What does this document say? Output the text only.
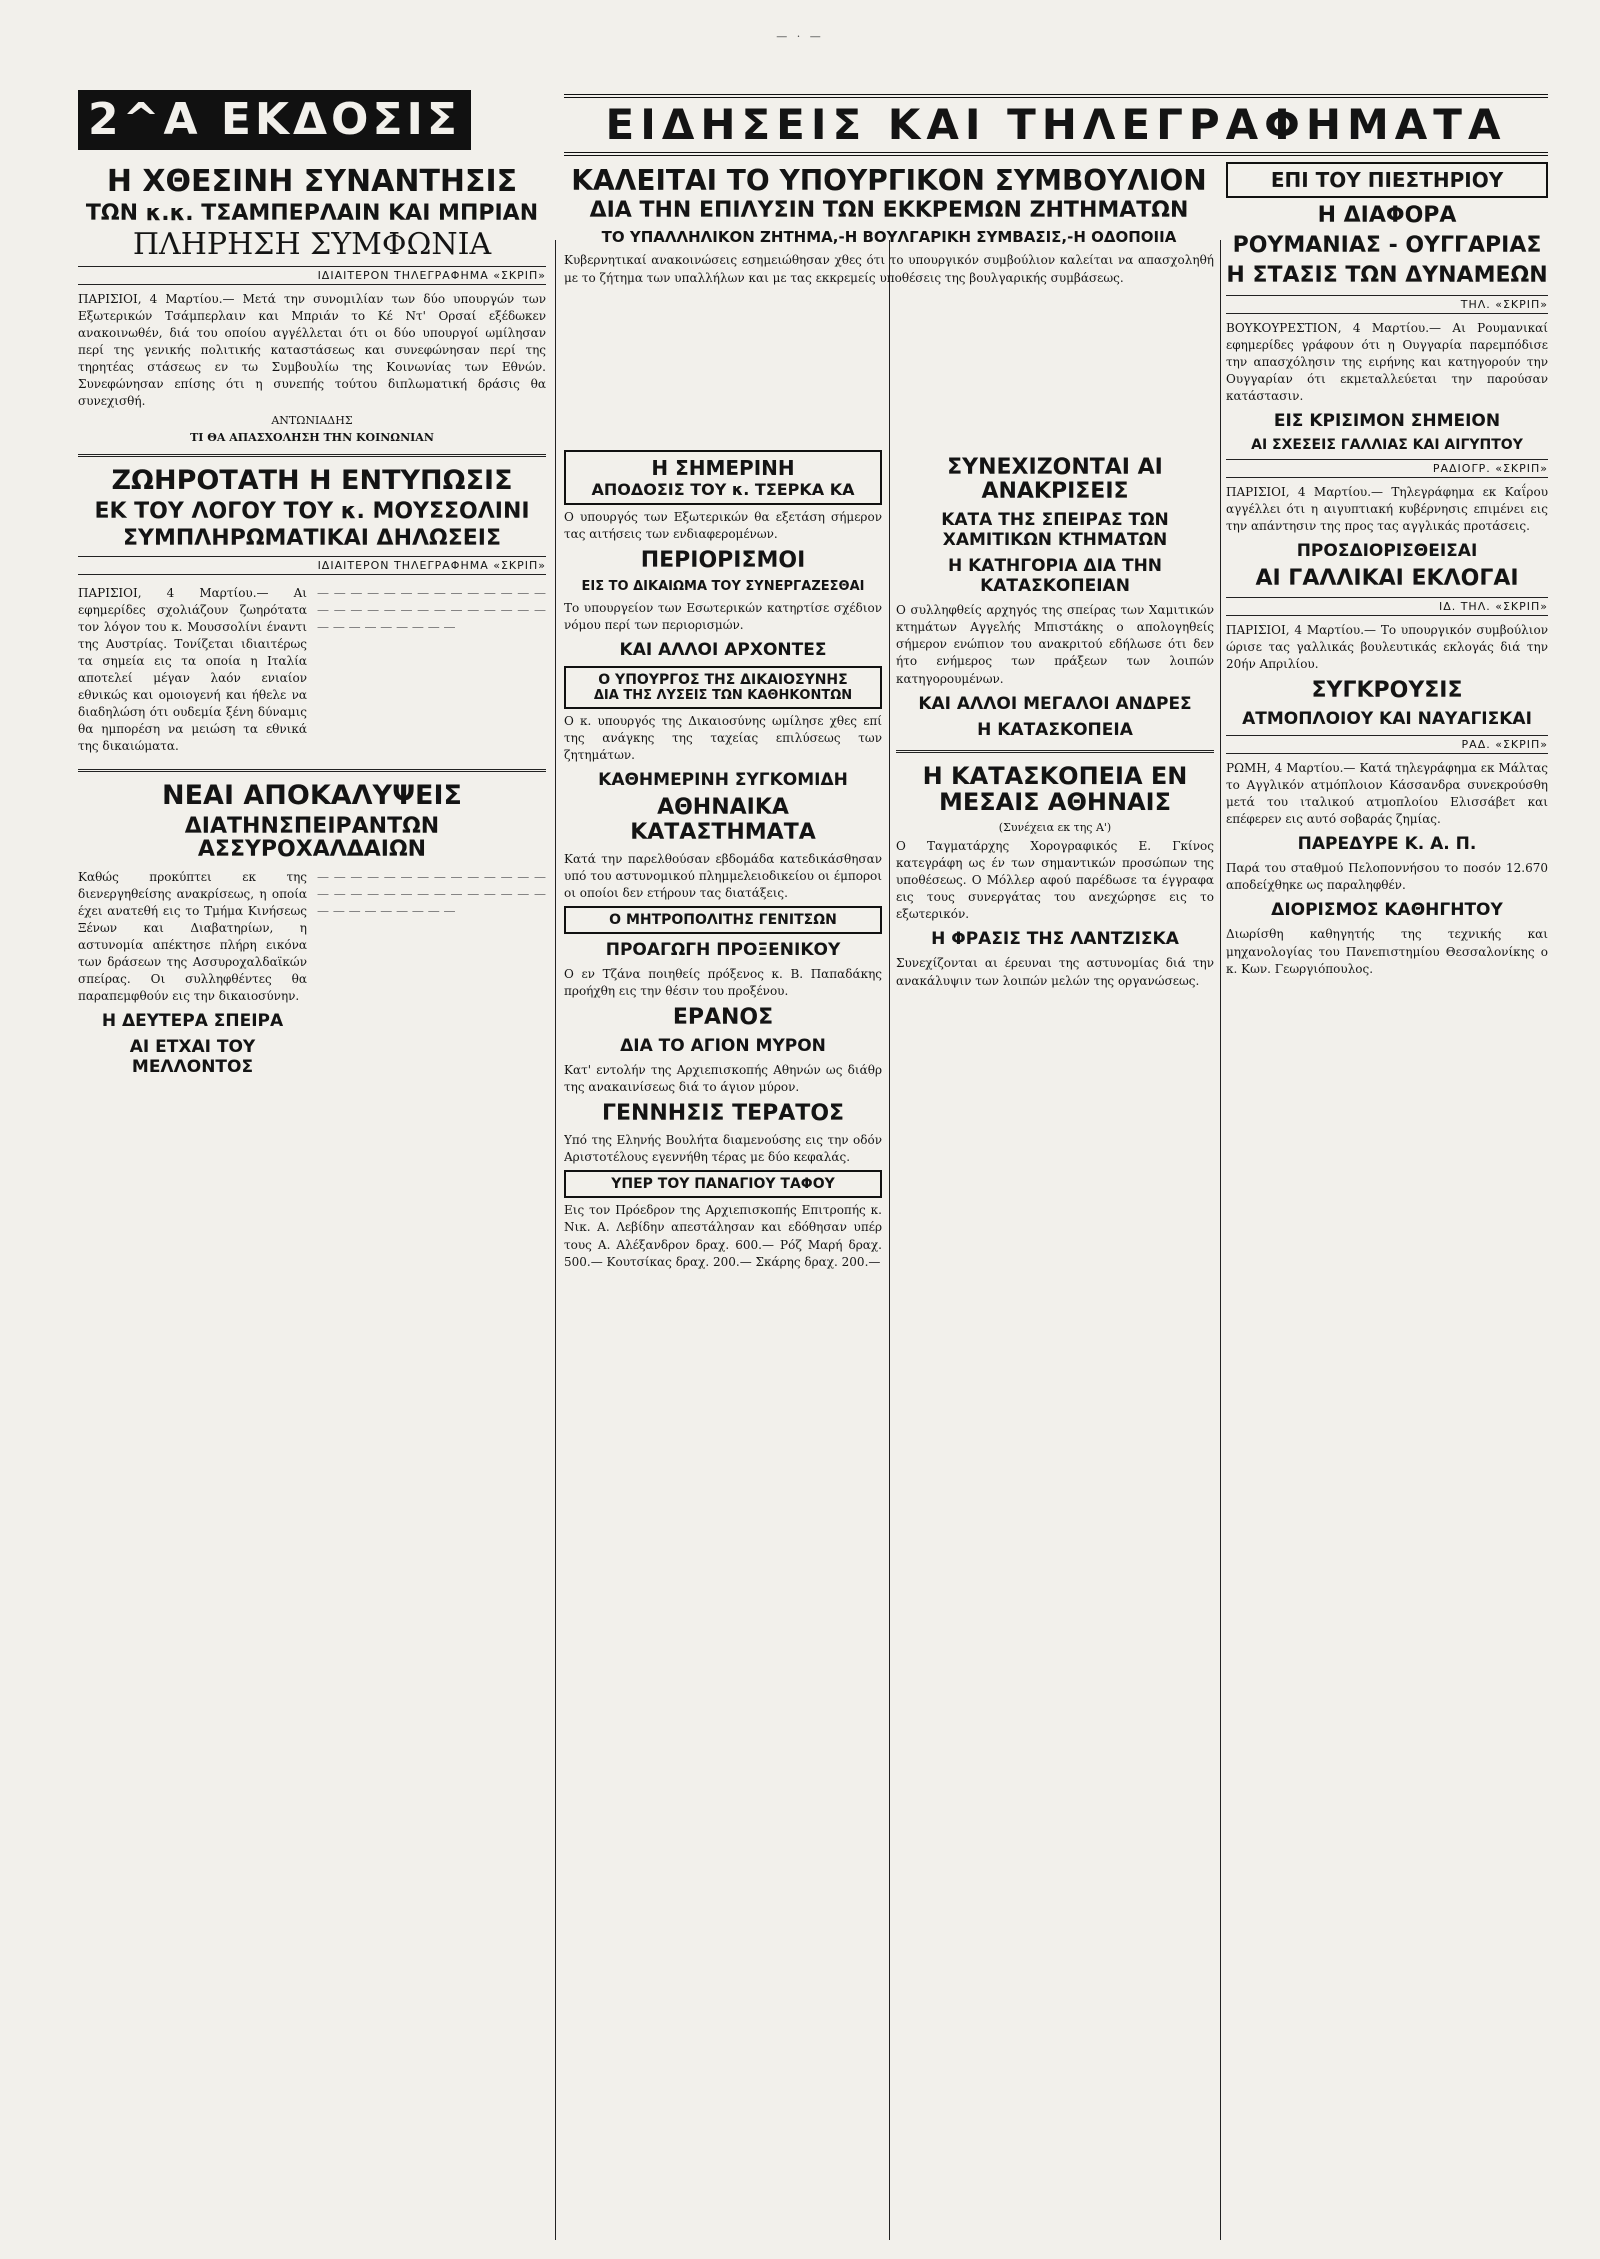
— · —
2^Α ΕΚΔΟΣΙΣ	ΕΙΔΗΣΕΙΣ ΚΑΙ ΤΗΛΕΓΡΑΦΗΜΑΤΑ
Η ΧΘΕΣΙΝΗ ΣΥΝΑΝΤΗΣΙΣ
ΤΩΝ κ.κ. ΤΣΑΜΠΕΡΛΑΙΝ ΚΑΙ ΜΠΡΙΑΝ
ΠΛΗΡΗΣΗ ΣΥΜΦΩΝΙΑ
ΙΔΙΑΙΤΕΡΟΝ ΤΗΛΕΓΡΑΦΗΜΑ «ΣΚΡΙΠ»
ΠΑΡΙΣΙΟΙ, 4 Μαρτίου.— Μετά την συνομιλίαν των δύο υπουργών των Εξωτερικών Τσάμπερλαιν και Μπριάν το Κέ Ντ' Ορσαί εξέδωκεν ανακοινωθέν, διά του οποίου αγγέλλεται ότι οι δύο υπουργοί ωμίλησαν περί της γενικής πολιτικής καταστάσεως και συνεφώνησαν περί της τηρητέας στάσεως εν τω Συμβουλίω της Κοινωνίας των Εθνών. Συνεφώνησαν επίσης ότι η συνεπής τούτου διπλωματική δράσις θα συνεχισθή.
ΑΝΤΩΝΙΑΔΗΣ
ΤΙ ΘΑ ΑΠΑΣΧΟΛΗΣΗ ΤΗΝ ΚΟΙΝΩΝΙΑΝ
ΖΩΗΡΟΤΑΤΗ Η ΕΝΤΥΠΩΣΙΣ
ΕΚ ΤΟΥ ΛΟΓΟΥ ΤΟΥ κ. ΜΟΥΣΣΟΛΙΝΙ
ΣΥΜΠΛΗΡΩΜΑΤΙΚΑΙ ΔΗΛΩΣΕΙΣ
ΙΔΙΑΙΤΕΡΟΝ ΤΗΛΕΓΡΑΦΗΜΑ «ΣΚΡΙΠ»
ΠΑΡΙΣΙΟΙ, 4 Μαρτίου.— Αι εφημερίδες σχολιάζουν ζωηρότατα τον λόγον του κ. Μουσσολίνι έναντι της Αυστρίας. Τονίζεται ιδιαιτέρως τα σημεία εις τα οποία η Ιταλία αποτελεί μέγαν λαόν ενιαίον εθνικώς και ομοιογενή και ήθελε να διαδηλώση ότι ουδεμία ξένη δύναμις θα ημπορέση να μειώση τα εθνικά της δικαιώματα.
— — — — — — — — — — — — — — — — — — — — — — — — — — — — — — — — — — — — —
ΝΕΑΙ ΑΠΟΚΑΛΥΨΕΙΣ
ΔΙΑΤΗΝΣΠΕΙΡΑΝΤΩΝ ΑΣΣΥΡΟΧΑΛΔΑΙΩΝ
Καθώς προκύπτει εκ της διενεργηθείσης ανακρίσεως, η οποία έχει ανατεθή εις το Τμήμα Κινήσεως Ξένων και Διαβατηρίων, η αστυνομία απέκτησε πλήρη εικόνα των δράσεων της Ασσυροχαλδαϊκών σπείρας. Οι συλληφθέντες θα παραπεμφθούν εις την δικαιοσύνην.
Η ΔΕΥΤΕΡΑ ΣΠΕΙΡΑ
ΑΙ ΕΤΧΑΙ ΤΟΥ ΜΕΛΛΟΝΤΟΣ
— — — — — — — — — — — — — — — — — — — — — — — — — — — — — — — — — — — — —
ΚΑΛΕΙΤΑΙ ΤΟ ΥΠΟΥΡΓΙΚΟΝ ΣΥΜΒΟΥΛΙΟΝ
ΔΙΑ ΤΗΝ ΕΠΙΛΥΣΙΝ ΤΩΝ ΕΚΚΡΕΜΩΝ ΖΗΤΗΜΑΤΩΝ
ΤΟ ΥΠΑΛΛΗΛΙΚΟΝ ΖΗΤΗΜΑ,-Η ΒΟΥΛΓΑΡΙΚΗ ΣΥΜΒΑΣΙΣ,-Η ΟΔΟΠΟΙΙΑ
Κυβερνητικαί ανακοινώσεις εσημειώθησαν χθες ότι το υπουργικόν συμβούλιον καλείται να απασχοληθή με το ζήτημα των υπαλλήλων και με τας εκκρεμείς υποθέσεις της βουλγαρικής συμβάσεως.
Η ΣΗΜΕΡΙΝΗ
ΑΠΟΔΟΣΙΣ ΤΟΥ κ. ΤΣΕΡΚΑ ΚΑ
Ο υπουργός των Εξωτερικών θα εξετάση σήμερον τας αιτήσεις των ενδιαφερομένων.
ΠΕΡΙΟΡΙΣΜΟΙ
ΕΙΣ ΤΟ ΔΙΚΑΙΩΜΑ ΤΟΥ ΣΥΝΕΡΓΑΖΕΣΘΑΙ
Το υπουργείον των Εσωτερικών κατηρτίσε σχέδιον νόμου περί των περιορισμών.
ΚΑΙ ΑΛΛΟΙ ΑΡΧΟΝΤΕΣ
Ο ΥΠΟΥΡΓΟΣ ΤΗΣ ΔΙΚΑΙΟΣΥΝΗΣ
ΔΙΑ ΤΗΣ ΛΥΣΕΙΣ ΤΩΝ ΚΑΘΗΚΟΝΤΩΝ
Ο κ. υπουργός της Δικαιοσύνης ωμίλησε χθες επί της ανάγκης της ταχείας επιλύσεως των ζητημάτων.
ΚΑΘΗΜΕΡΙΝΗ ΣΥΓΚΟΜΙΔΗ
ΑΘΗΝΑΙΚΑ ΚΑΤΑΣΤΗΜΑΤΑ
Κατά την παρελθούσαν εβδομάδα κατεδικάσθησαν υπό του αστυνομικού πλημμελειοδικείου οι έμποροι οι οποίοι δεν ετήρουν τας διατάξεις.
Ο ΜΗΤΡΟΠΟΛΙΤΗΣ ΓΕΝΙΤΣΩΝ
ΠΡΟΑΓΩΓΗ ΠΡΟΞΕΝΙΚΟΥ
Ο εν Τζάνα ποιηθείς πρόξενος κ. Β. Παπαδάκης προήχθη εις την θέσιν του προξένου.
ΕΡΑΝΟΣ
ΔΙΑ ΤΟ ΑΓΙΟΝ ΜΥΡΟΝ
Κατ' εντολήν της Αρχιεπισκοπής Αθηνών ως διάθρ της ανακαινίσεως διά το άγιον μύρον.
ΓΕΝΝΗΣΙΣ ΤΕΡΑΤΟΣ
Υπό της Εληνής Βουλήτα διαμενούσης εις την οδόν Αριστοτέλους εγεννήθη τέρας με δύο κεφαλάς.
ΥΠΕΡ ΤΟΥ ΠΑΝΑΓΙΟΥ ΤΑΦΟΥ
Εις τον Πρόεδρον της Αρχιεπισκοπής Επιτροπής κ. Νικ. Α. Λεβίδην απεστάλησαν και εδόθησαν υπέρ τους Α. Αλέξανδρον δραχ. 600.— Ρόζ Μαρή δραχ. 500.— Κουτσίκας δραχ. 200.— Σκάρης δραχ. 200.—
ΣΥΝΕΧΙΖΟΝΤΑΙ ΑΙ ΑΝΑΚΡΙΣΕΙΣ
ΚΑΤΑ ΤΗΣ ΣΠΕΙΡΑΣ ΤΩΝ ΧΑΜΙΤΙΚΩΝ ΚΤΗΜΑΤΩΝ
Η ΚΑΤΗΓΟΡΙΑ ΔΙΑ ΤΗΝ ΚΑΤΑΣΚΟΠΕΙΑΝ
Ο συλληφθείς αρχηγός της σπείρας των Χαμιτικών κτημάτων Αγγελής Μπιστάκης ο απολογηθείς σήμερον ενώπιον του ανακριτού εδήλωσε ότι δεν ήτο ενήμερος των πράξεων των λοιπών κατηγορουμένων.
ΚΑΙ ΑΛΛΟΙ ΜΕΓΑΛΟΙ ΑΝΔΡΕΣ
Η ΚΑΤΑΣΚΟΠΕΙΑ
Η ΚΑΤΑΣΚΟΠΕΙΑ ΕΝ ΜΕΣΑΙΣ ΑΘΗΝΑΙΣ
(Συνέχεια εκ της Α')
Ο Ταγματάρχης Χορογραφικός Ε. Γκίνος κατεγράφη ως έν των σημαντικών προσώπων της υποθέσεως. Ο Μόλλερ αφού παρέδωσε τα έγγραφα εις τους συνεργάτας του ανεχώρησε εις το εξωτερικόν.
Η ΦΡΑΣΙΣ ΤΗΣ ΛΑΝΤΖΙΣΚΑ
Συνεχίζονται αι έρευναι της αστυνομίας διά την ανακάλυψιν των λοιπών μελών της οργανώσεως.
ΕΠΙ ΤΟΥ ΠΙΕΣΤΗΡΙΟΥ
Η ΔΙΑΦΟΡΑ
ΡΟΥΜΑΝΙΑΣ - ΟΥΓΓΑΡΙΑΣ
Η ΣΤΑΣΙΣ ΤΩΝ ΔΥΝΑΜΕΩΝ
ΤΗΛ. «ΣΚΡΙΠ»
ΒΟΥΚΟΥΡΕΣΤΙΟΝ, 4 Μαρτίου.— Αι Ρουμανικαί εφημερίδες γράφουν ότι η Ουγγαρία παρεμπόδισε την απασχόλησιν της ειρήνης και κατηγορούν την Ουγγαρίαν ότι εκμεταλλεύεται την παρούσαν κατάστασιν.
ΕΙΣ ΚΡΙΣΙΜΟΝ ΣΗΜΕΙΟΝ
ΑΙ ΣΧΕΣΕΙΣ ΓΑΛΛΙΑΣ ΚΑΙ ΑΙΓΥΠΤΟΥ
ΡΑΔΙΟΓΡ. «ΣΚΡΙΠ»
ΠΑΡΙΣΙΟΙ, 4 Μαρτίου.— Τηλεγράφημα εκ Καΐρου αγγέλλει ότι η αιγυπτιακή κυβέρνησις επιμένει εις την απάντησιν της προς τας αγγλικάς προτάσεις.
ΠΡΟΣΔΙΟΡΙΣΘΕΙΣΑΙ
ΑΙ ΓΑΛΛΙΚΑΙ ΕΚΛΟΓΑΙ
ΙΔ. ΤΗΛ. «ΣΚΡΙΠ»
ΠΑΡΙΣΙΟΙ, 4 Μαρτίου.— Το υπουργικόν συμβούλιον ώρισε τας γαλλικάς βουλευτικάς εκλογάς διά την 20ήν Απριλίου.
ΣΥΓΚΡΟΥΣΙΣ
ΑΤΜΟΠΛΟΙΟΥ ΚΑΙ ΝΑΥΑΓΙΣΚΑΙ
ΡΑΔ. «ΣΚΡΙΠ»
ΡΩΜΗ, 4 Μαρτίου.— Κατά τηλεγράφημα εκ Μάλτας το Αγγλικόν ατμόπλοιον Κάσσανδρα συνεκρούσθη μετά του ιταλικού ατμοπλοίου Ελισσάβετ και επέφερεν εις αυτό σοβαράς ζημίας.
ΠΑΡΕΔΥΡΕ Κ. Α. Π.
Παρά του σταθμού Πελοποννήσου το ποσόν 12.670 αποδείχθηκε ως παραληφθέν.
ΔΙΟΡΙΣΜΟΣ ΚΑΘΗΓΗΤΟΥ
Διωρίσθη καθηγητής της τεχνικής και μηχανολογίας του Πανεπιστημίου Θεσσαλονίκης ο κ. Κων. Γεωργιόπουλος.
